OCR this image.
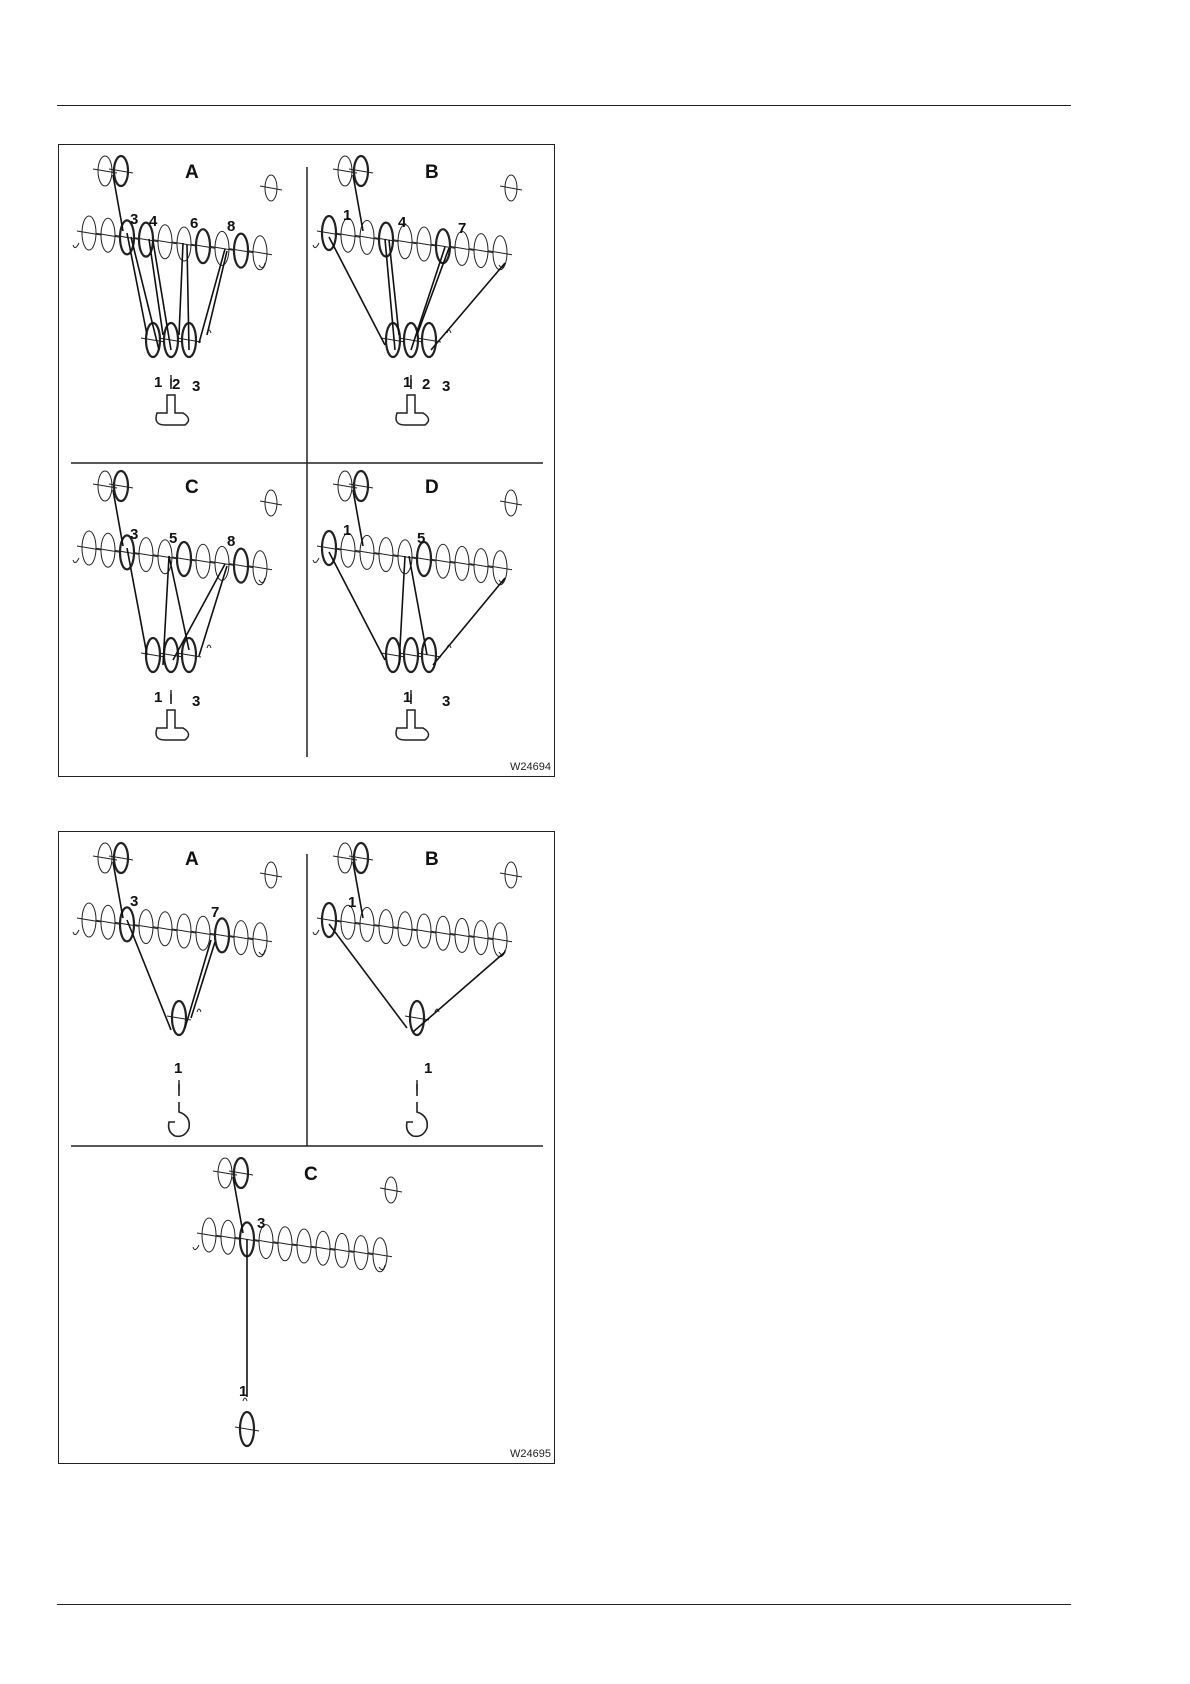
A	B
C	D
3 4 6 8
1 2 3
1	4	7
1 2 3
3 5	8
1 3
1	5
1 3
W24694
A	B
C
3
7
1
1
1
3
1
W24695
